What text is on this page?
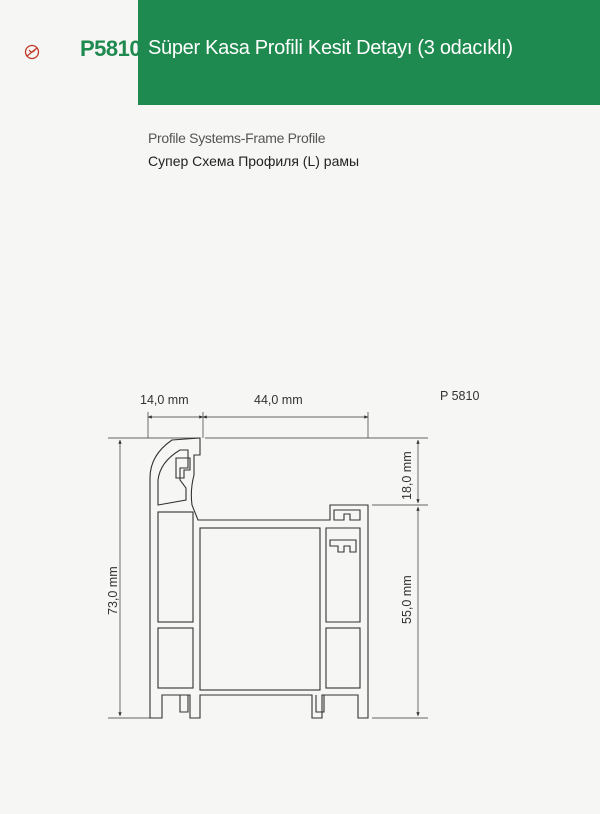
P5810 Süper Kasa Profili Kesit Detayı (3 odacıklı)
Profile Systems-Frame Profile
Супер Схема Профиля (L) рамы
P 5810
14,0 mm	44,0 mm
73,0 mm
18,0 mm
55,0 mm
